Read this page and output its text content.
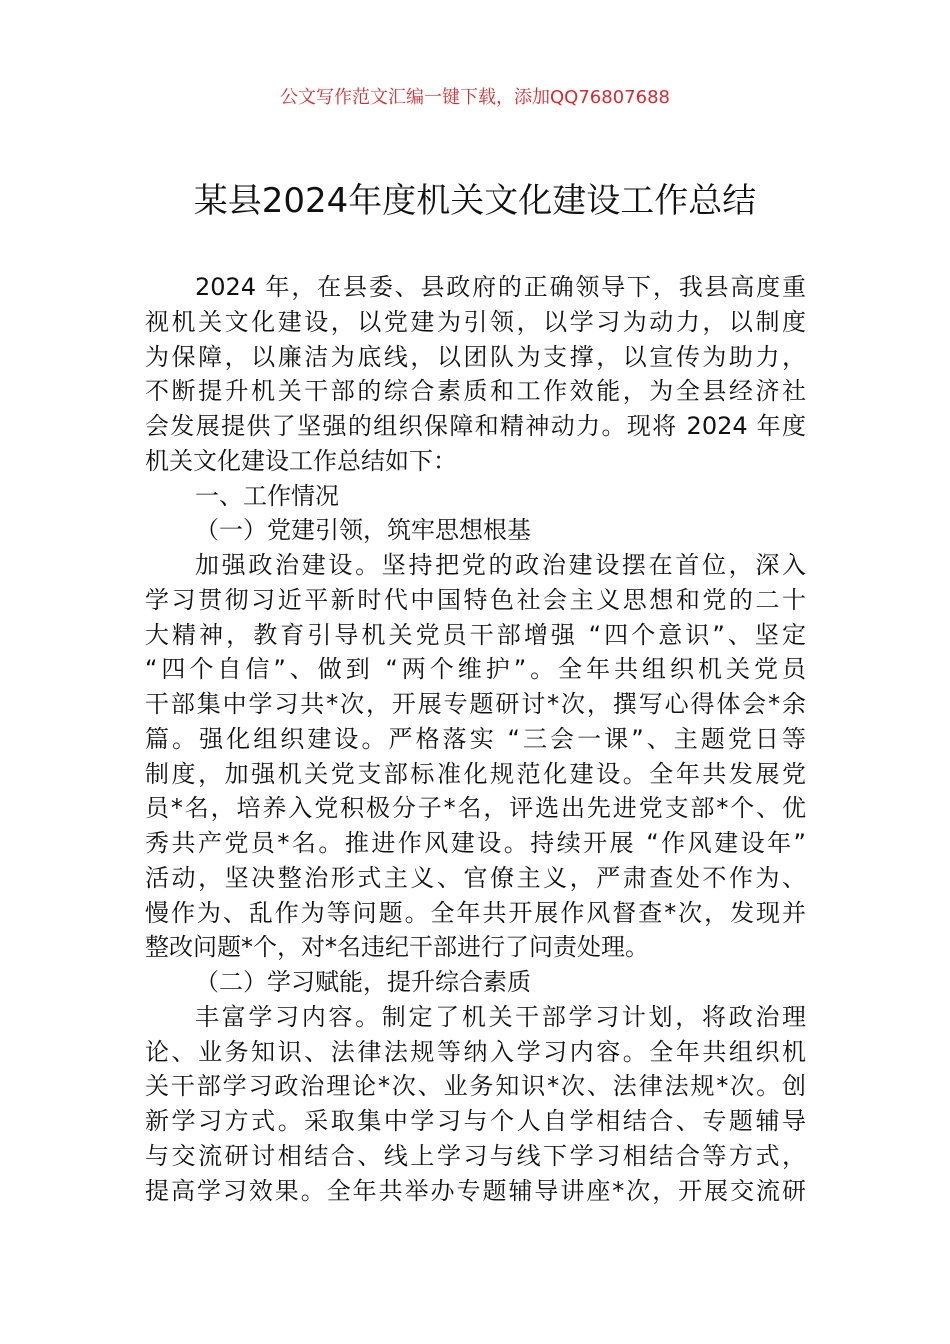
公文写作范文汇编一键下载，添加QQ76807688
某县2024年度机关文化建设工作总结
2024 年，在县委、县政府的正确领导下，我县高度重
视机关文化建设，以党建为引领，以学习为动力，以制度
为保障，以廉洁为底线，以团队为支撑，以宣传为助力，
不断提升机关干部的综合素质和工作效能，为全县经济社
会发展提供了坚强的组织保障和精神动力。现将 2024 年度
机关文化建设工作总结如下：
一、工作情况
（一）党建引领，筑牢思想根基
加强政治建设。坚持把党的政治建设摆在首位，深入
学习贯彻习近平新时代中国特色社会主义思想和党的二十
大精神，教育引导机关党员干部增强 “四个意识”、坚定
“四个自信”、做到 “两个维护”。全年共组织机关党员
干部集中学习共*次，开展专题研讨*次，撰写心得体会*余
篇。强化组织建设。严格落实 “三会一课”、主题党日等
制度，加强机关党支部标准化规范化建设。全年共发展党
员*名，培养入党积极分子*名，评选出先进党支部*个、优
秀共产党员*名。推进作风建设。持续开展 “作风建设年”
活动，坚决整治形式主义、官僚主义，严肃查处不作为、
慢作为、乱作为等问题。全年共开展作风督查*次，发现并
整改问题*个，对*名违纪干部进行了问责处理。
（二）学习赋能，提升综合素质
丰富学习内容。制定了机关干部学习计划，将政治理
论、业务知识、法律法规等纳入学习内容。全年共组织机
关干部学习政治理论*次、业务知识*次、法律法规*次。创
新学习方式。采取集中学习与个人自学相结合、专题辅导
与交流研讨相结合、线上学习与线下学习相结合等方式，
提高学习效果。全年共举办专题辅导讲座*次，开展交流研
